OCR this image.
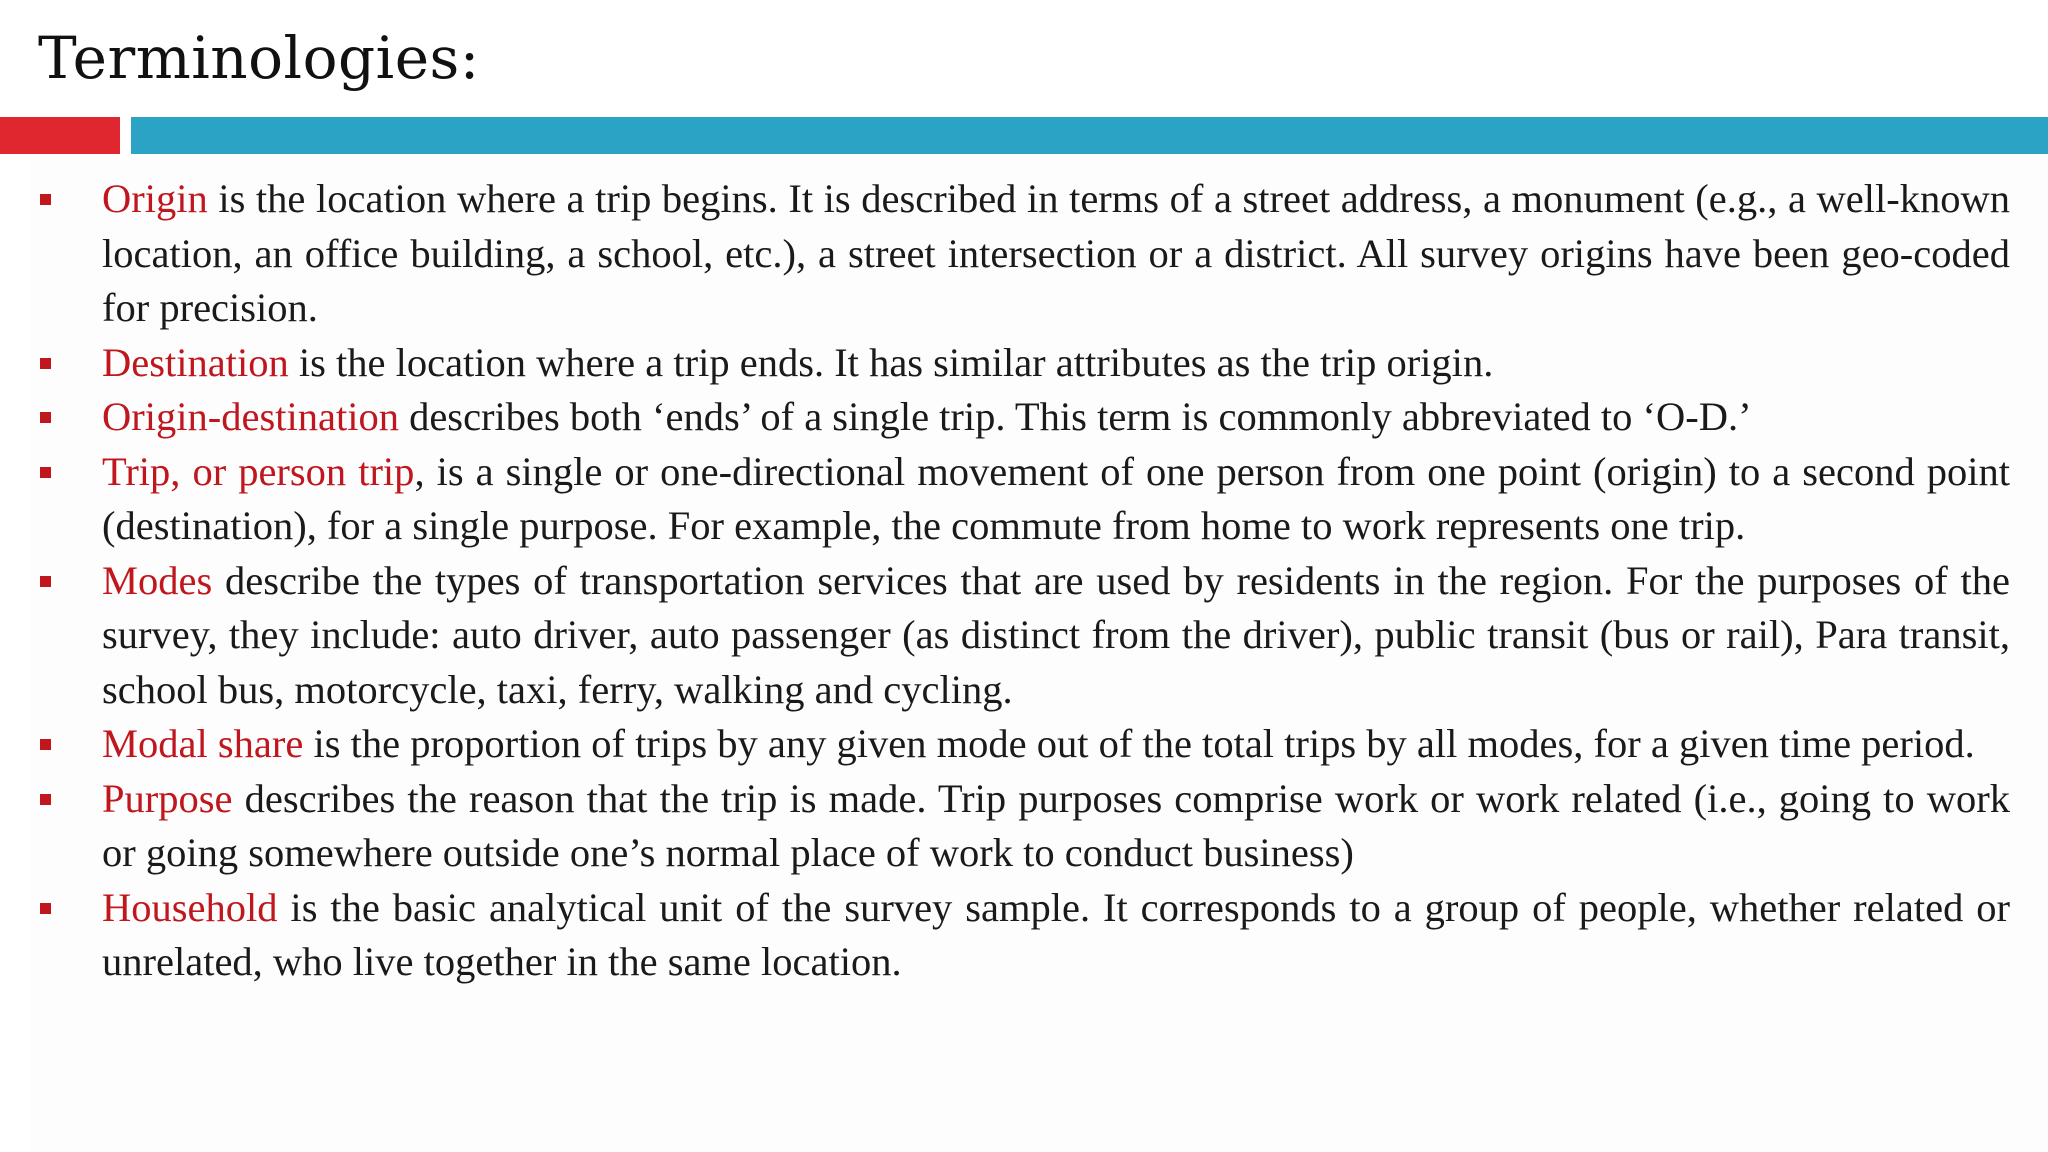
Terminologies:
Origin is the location where a trip begins. It is described in terms of a street address, a monument (e.g., a well-known location, an office building, a school, etc.), a street intersection or a district. All survey origins have been geo-coded for precision.
Destination is the location where a trip ends. It has similar attributes as the trip origin.
Origin-destination describes both ‘ends’ of a single trip. This term is commonly abbreviated to ‘O-D.’
Trip, or person trip, is a single or one-directional movement of one person from one point (origin) to a second point (destination), for a single purpose. For example, the commute from home to work represents one trip.
Modes describe the types of transportation services that are used by residents in the region. For the purposes of the survey, they include: auto driver, auto passenger (as distinct from the driver), public transit (bus or rail), Para transit, school bus, motorcycle, taxi, ferry, walking and cycling.
Modal share is the proportion of trips by any given mode out of the total trips by all modes, for a given time period.
Purpose describes the reason that the trip is made. Trip purposes comprise work or work related (i.e., going to work or going somewhere outside one’s normal place of work to conduct business)
Household is the basic analytical unit of the survey sample. It corresponds to a group of people, whether related or unrelated, who live together in the same location.
